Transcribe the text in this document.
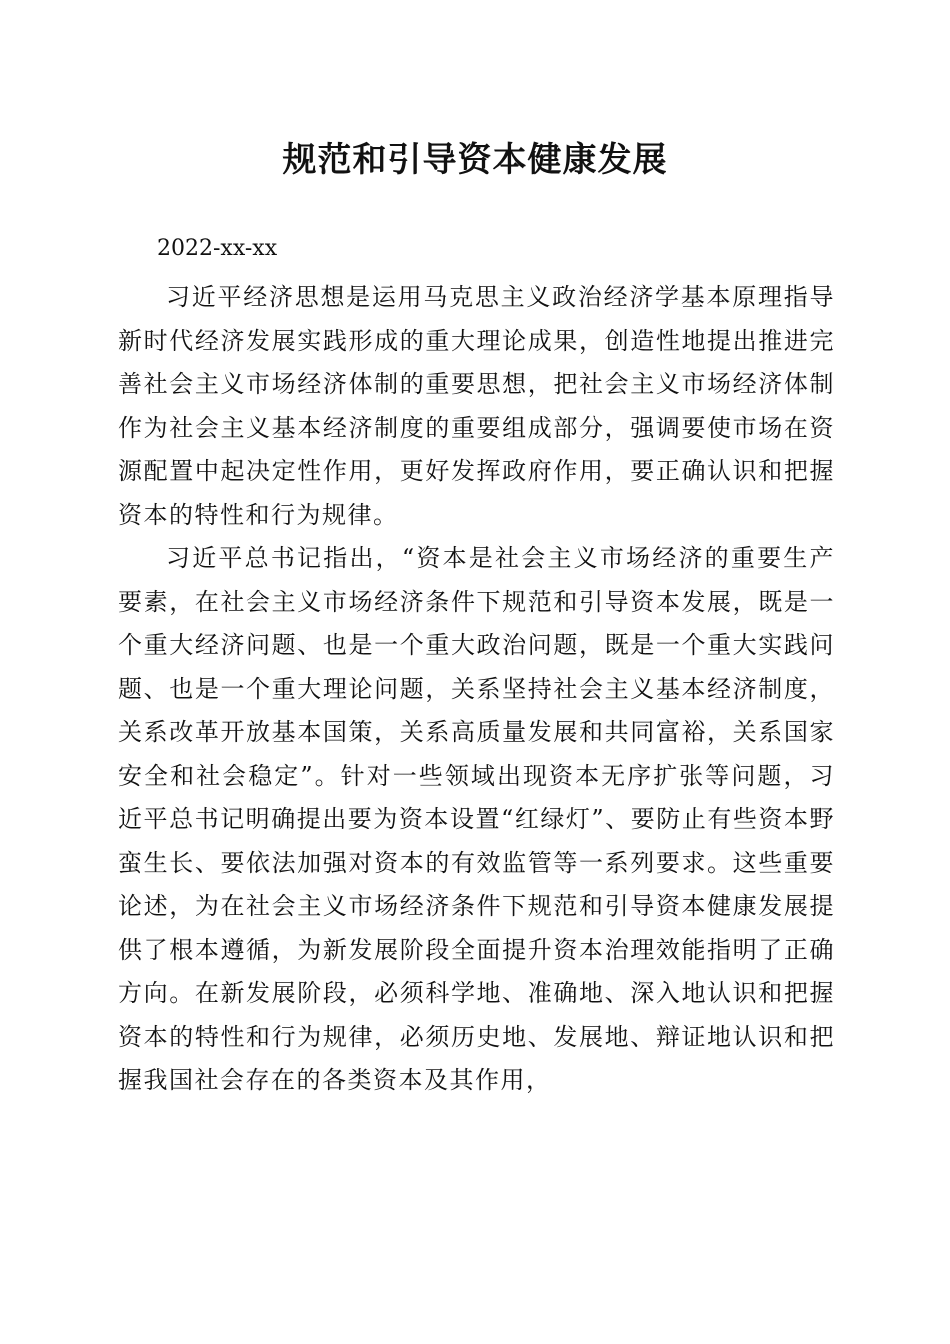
规范和引导资本健康发展

2022-xx-xx

习近平经济思想是运用马克思主义政治经济学基本原理指导新时代经济发展实践形成的重大理论成果，创造性地提出推进完善社会主义市场经济体制的重要思想，把社会主义市场经济体制作为社会主义基本经济制度的重要组成部分，强调要使市场在资源配置中起决定性作用，更好发挥政府作用，要正确认识和把握资本的特性和行为规律。

习近平总书记指出，“资本是社会主义市场经济的重要生产要素，在社会主义市场经济条件下规范和引导资本发展，既是一个重大经济问题、也是一个重大政治问题，既是一个重大实践问题、也是一个重大理论问题，关系坚持社会主义基本经济制度，关系改革开放基本国策，关系高质量发展和共同富裕，关系国家安全和社会稳定”。针对一些领域出现资本无序扩张等问题，习近平总书记明确提出要为资本设置“红绿灯”、要防止有些资本野蛮生长、要依法加强对资本的有效监管等一系列要求。这些重要论述，为在社会主义市场经济条件下规范和引导资本健康发展提供了根本遵循，为新发展阶段全面提升资本治理效能指明了正确方向。在新发展阶段，必须科学地、准确地、深入地认识和把握资本的特性和行为规律，必须历史地、发展地、辩证地认识和把握我国社会存在的各类资本及其作用，
